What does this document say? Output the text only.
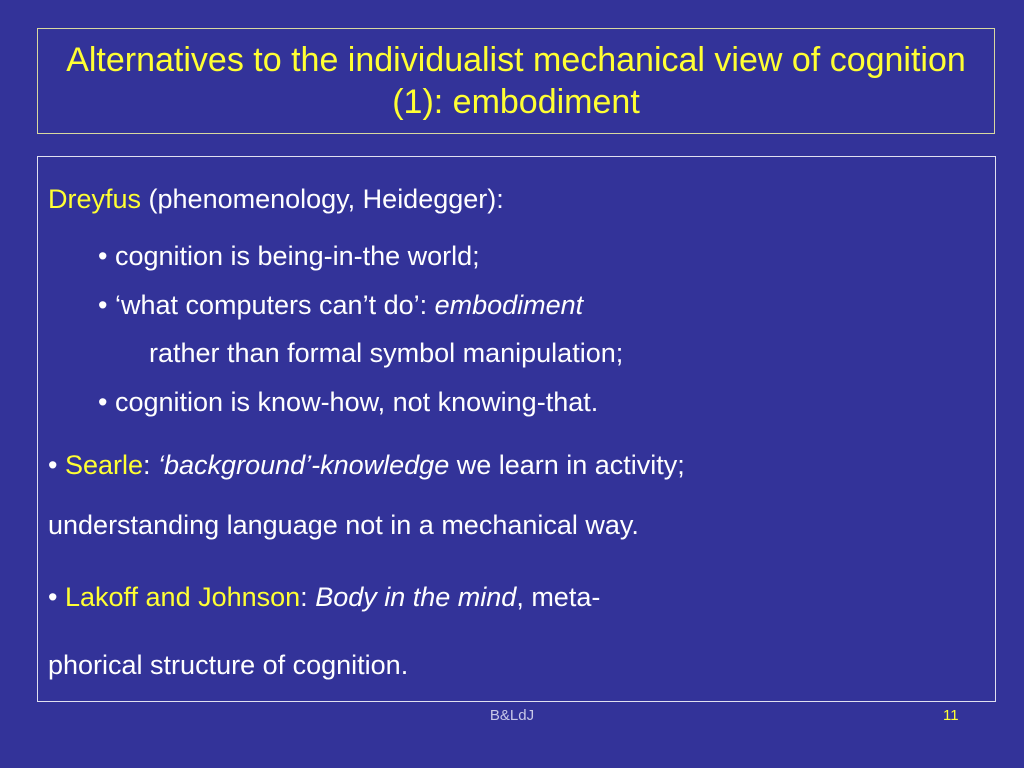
Alternatives to the individualist mechanical view of cognition (1): embodiment
Dreyfus (phenomenology, Heidegger):
• cognition is being-in-the world;
• ‘what computers can’t do’: embodiment
rather than formal symbol manipulation;
• cognition is know-how, not knowing-that.
• Searle: ‘background’-knowledge we learn in activity;
understanding language not in a mechanical way.
• Lakoff and Johnson: Body in the mind, meta-
phorical structure of cognition.
B&LdJ	11
